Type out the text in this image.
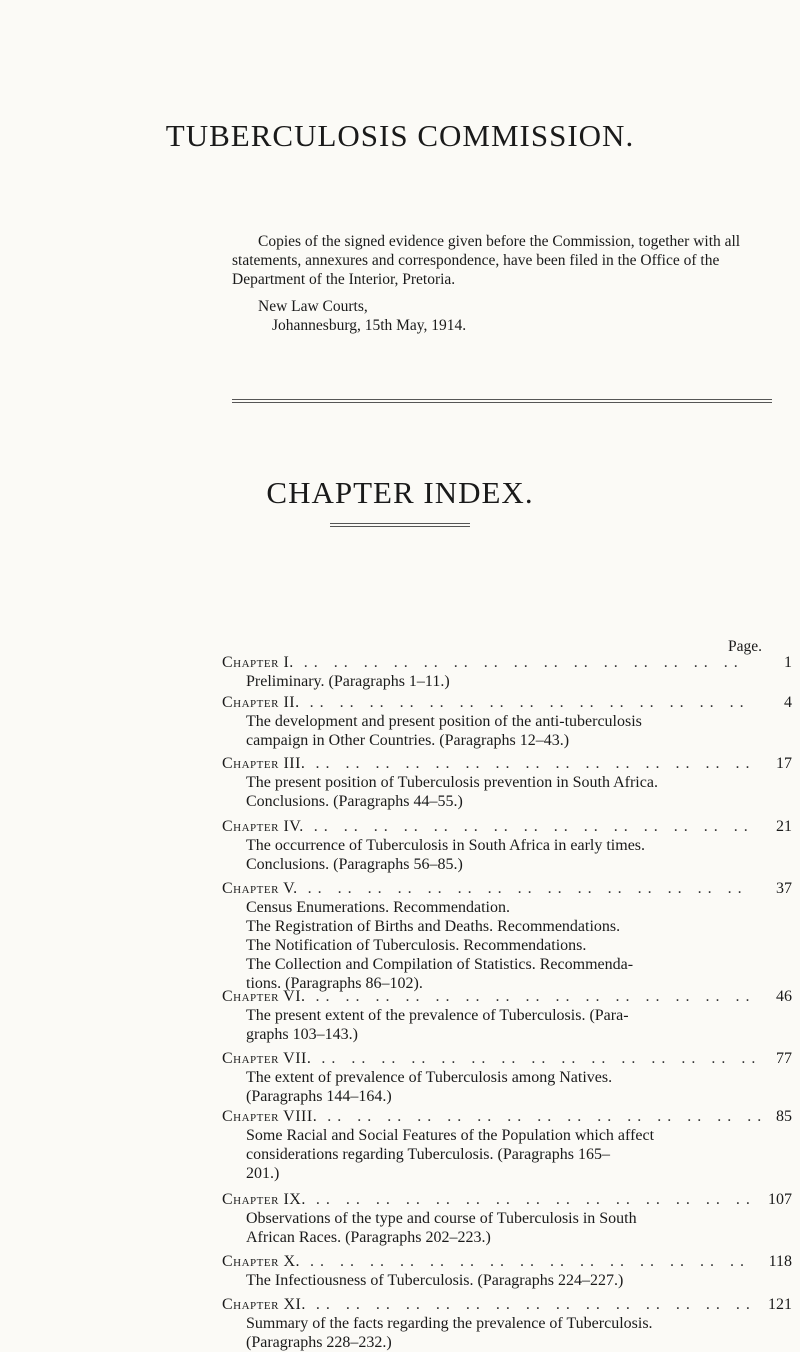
TUBERCULOSIS COMMISSION.

Copies of the signed evidence given before the Commission, together with all statements, annexures and correspondence, have been filed in the Office of the Department of the Interior, Pretoria.

New Law Courts,
Johannesburg, 15th May, 1914.
CHAPTER INDEX.
Page.
Chapter I. .. .. .. .. .. .. .. .. .. .. .. .. .. .. ..	1
Preliminary. (Paragraphs 1–11.)
Chapter II. .. .. .. .. .. .. .. .. .. .. .. .. .. .. .. 4
The development and present position of the anti-tuberculosis
campaign in Other Countries. (Paragraphs 12–43.)
Chapter III. .. .. .. .. .. .. .. .. .. .. .. .. .. .. .. 17
The present position of Tuberculosis prevention in South Africa.
Conclusions. (Paragraphs 44–55.)
Chapter IV. .. .. .. .. .. .. .. .. .. .. .. .. .. .. .. 21
The occurrence of Tuberculosis in South Africa in early times.
Conclusions. (Paragraphs 56–85.)
Chapter V. .. .. .. .. .. .. .. .. .. .. .. .. .. .. .. 37
Census Enumerations. Recommendation.
The Registration of Births and Deaths. Recommendations.
The Notification of Tuberculosis. Recommendations.
The Collection and Compilation of Statistics. Recommenda-
tions. (Paragraphs 86–102).
Chapter VI. .. .. .. .. .. .. .. .. .. .. .. .. .. .. .. 46
The present extent of the prevalence of Tuberculosis. (Para-
graphs 103–143.)
Chapter VII. .. .. .. .. .. .. .. .. .. .. .. .. .. .. .. 77
The extent of prevalence of Tuberculosis among Natives.
(Paragraphs 144–164.)
Chapter VIII. .. .. .. .. .. .. .. .. .. .. .. .. .. .. .. 85
Some Racial and Social Features of the Population which affect
considerations regarding Tuberculosis. (Paragraphs 165–
201.)
Chapter IX. .. .. .. .. .. .. .. .. .. .. .. .. .. .. .. 107
Observations of the type and course of Tuberculosis in South
African Races. (Paragraphs 202–223.)
Chapter X. .. .. .. .. .. .. .. .. .. .. .. .. .. .. .. 118
The Infectiousness of Tuberculosis. (Paragraphs 224–227.)
Chapter XI. .. .. .. .. .. .. .. .. .. .. .. .. .. .. .. 121
Summary of the facts regarding the prevalence of Tuberculosis.
(Paragraphs 228–232.)
